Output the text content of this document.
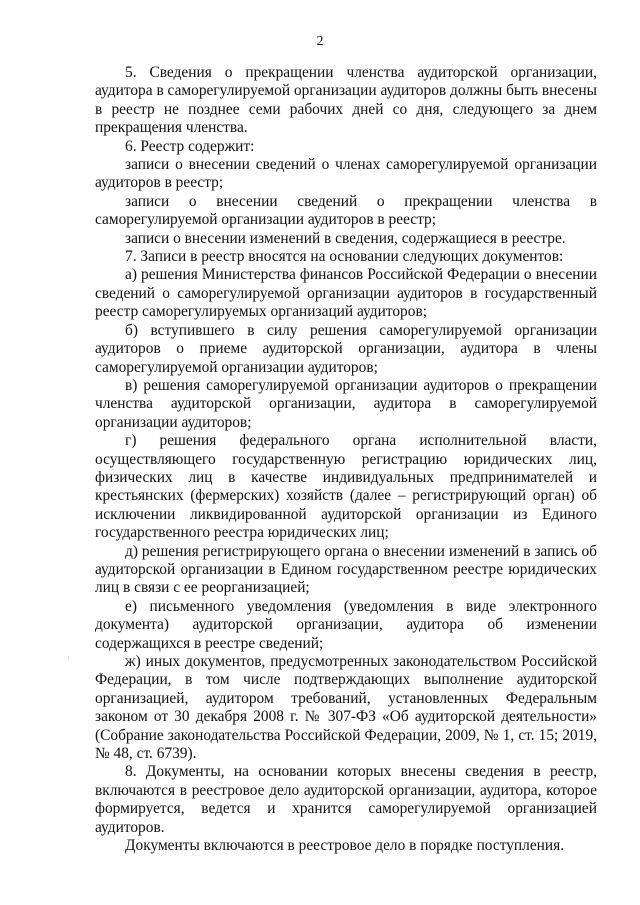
2

5. Сведения о прекращении членства аудиторской организации, аудитора в саморегулируемой организации аудиторов должны быть внесены в реестр не позднее семи рабочих дней со дня, следующего за днем прекращения членства.

6. Реестр содержит:

записи о внесении сведений о членах саморегулируемой организации аудиторов в реестр;

записи о внесении сведений о прекращении членства в саморегулируемой организации аудиторов в реестр;

записи о внесении изменений в сведения, содержащиеся в реестре.

7. Записи в реестр вносятся на основании следующих документов:

а) решения Министерства финансов Российской Федерации о внесении сведений о саморегулируемой организации аудиторов в государственный реестр саморегулируемых организаций аудиторов;

б) вступившего в силу решения саморегулируемой организации аудиторов о приеме аудиторской организации, аудитора в члены саморегулируемой организации аудиторов;

в) решения саморегулируемой организации аудиторов о прекращении членства аудиторской организации, аудитора в саморегулируемой организации аудиторов;

г) решения федерального органа исполнительной власти, осуществляющего государственную регистрацию юридических лиц, физических лиц в качестве индивидуальных предпринимателей и крестьянских (фермерских) хозяйств (далее – регистрирующий орган) об исключении ликвидированной аудиторской организации из Единого государственного реестра юридических лиц;

д) решения регистрирующего органа о внесении изменений в запись об аудиторской организации в Едином государственном реестре юридических лиц в связи с ее реорганизацией;

е) письменного уведомления (уведомления в виде электронного документа) аудиторской организации, аудитора об изменении содержащихся в реестре сведений;

ж) иных документов, предусмотренных законодательством Российской Федерации, в том числе подтверждающих выполнение аудиторской организацией, аудитором требований, установленных Федеральным законом от 30 декабря 2008 г. № 307-ФЗ «Об аудиторской деятельности» (Собрание законодательства Российской Федерации, 2009, № 1, ст. 15; 2019, № 48, ст. 6739).

8. Документы, на основании которых внесены сведения в реестр, включаются в реестровое дело аудиторской организации, аудитора, которое формируется, ведется и хранится саморегулируемой организацией аудиторов.

Документы включаются в реестровое дело в порядке поступления.

·
